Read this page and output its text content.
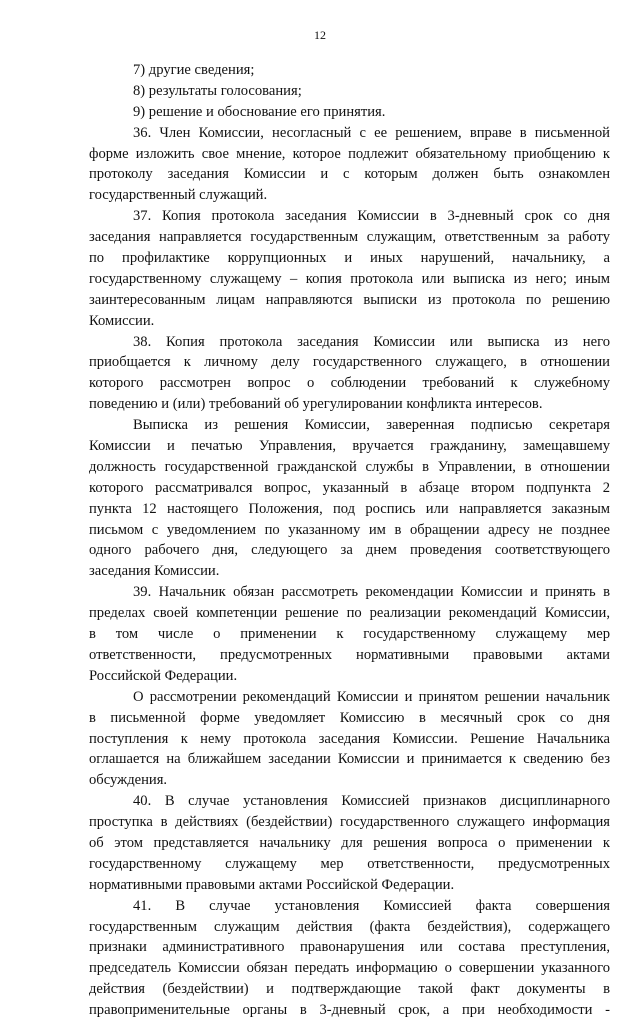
12
7) другие сведения;
8) результаты голосования;
9) решение и обоснование его принятия.
36. Член Комиссии, несогласный с ее решением, вправе в письменной
форме изложить свое мнение, которое подлежит обязательному приобщению к
протоколу заседания Комиссии и с которым должен быть ознакомлен
государственный служащий.
37. Копия протокола заседания Комиссии в 3-дневный срок со дня
заседания направляется государственным служащим, ответственным за работу
по профилактике коррупционных и иных нарушений, начальнику, а
государственному служащему – копия протокола или выписка из него; иным
заинтересованным лицам направляются выписки из протокола по решению
Комиссии.
38. Копия протокола заседания Комиссии или выписка из него
приобщается к личному делу государственного служащего, в отношении
которого рассмотрен вопрос о соблюдении требований к служебному
поведению и (или) требований об урегулировании конфликта интересов.
Выписка из решения Комиссии, заверенная подписью секретаря
Комиссии и печатью Управления, вручается гражданину, замещавшему
должность государственной гражданской службы в Управлении, в отношении
которого рассматривался вопрос, указанный в абзаце втором подпункта 2
пункта 12 настоящего Положения, под роспись или направляется заказным
письмом с уведомлением по указанному им в обращении адресу не позднее
одного рабочего дня, следующего за днем проведения соответствующего
заседания Комиссии.
39. Начальник обязан рассмотреть рекомендации Комиссии и принять в
пределах своей компетенции решение по реализации рекомендаций Комиссии,
в том числе о применении к государственному служащему мер
ответственности, предусмотренных нормативными правовыми актами
Российской Федерации.
О рассмотрении рекомендаций Комиссии и принятом решении начальник
в письменной форме уведомляет Комиссию в месячный срок со дня
поступления к нему протокола заседания Комиссии. Решение Начальника
оглашается на ближайшем заседании Комиссии и принимается к сведению без
обсуждения.
40. В случае установления Комиссией признаков дисциплинарного
проступка в действиях (бездействии) государственного служащего информация
об этом представляется начальнику для решения вопроса о применении к
государственному служащему мер ответственности, предусмотренных
нормативными правовыми актами Российской Федерации.
41. В случае установления Комиссией факта совершения
государственным служащим действия (факта бездействия), содержащего
признаки административного правонарушения или состава преступления,
председатель Комиссии обязан передать информацию о совершении указанного
действия (бездействии) и подтверждающие такой факт документы в
правоприменительные органы в 3-дневный срок, а при необходимости -
